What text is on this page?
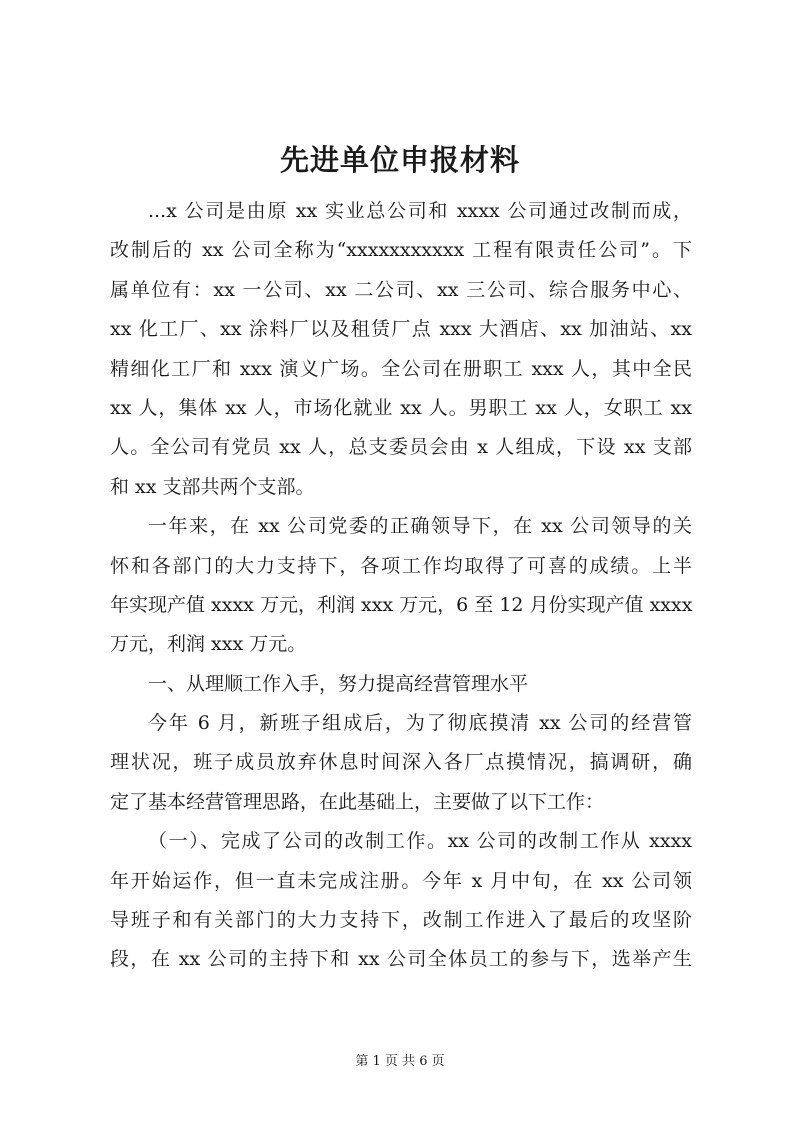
先进单位申报材料
...x 公司是由原 xx 实业总公司和 xxxx 公司通过改制而成，
改制后的 xx 公司全称为“xxxxxxxxxxx 工程有限责任公司”。下
属单位有：xx 一公司、xx 二公司、xx 三公司、综合服务中心、
xx 化工厂、xx 涂料厂以及租赁厂点 xxx 大酒店、xx 加油站、xx
精细化工厂和 xxx 演义广场。全公司在册职工 xxx 人，其中全民
xx 人，集体 xx 人，市场化就业 xx 人。男职工 xx 人，女职工 xx
人。全公司有党员 xx 人，总支委员会由 x 人组成，下设 xx 支部
和 xx 支部共两个支部。
一年来，在 xx 公司党委的正确领导下，在 xx 公司领导的关
怀和各部门的大力支持下，各项工作均取得了可喜的成绩。上半
年实现产值 xxxx 万元，利润 xxx 万元，6 至 12 月份实现产值 xxxx
万元，利润 xxx 万元。
一、从理顺工作入手，努力提高经营管理水平
今年 6 月，新班子组成后，为了彻底摸清 xx 公司的经营管
理状况，班子成员放弃休息时间深入各厂点摸情况，搞调研，确
定了基本经营管理思路，在此基础上，主要做了以下工作：
（一）、完成了公司的改制工作。xx 公司的改制工作从 xxxx
年开始运作，但一直未完成注册。今年 x 月中旬，在 xx 公司领
导班子和有关部门的大力支持下，改制工作进入了最后的攻坚阶
段，在 xx 公司的主持下和 xx 公司全体员工的参与下，选举产生
第 1 页 共 6 页
